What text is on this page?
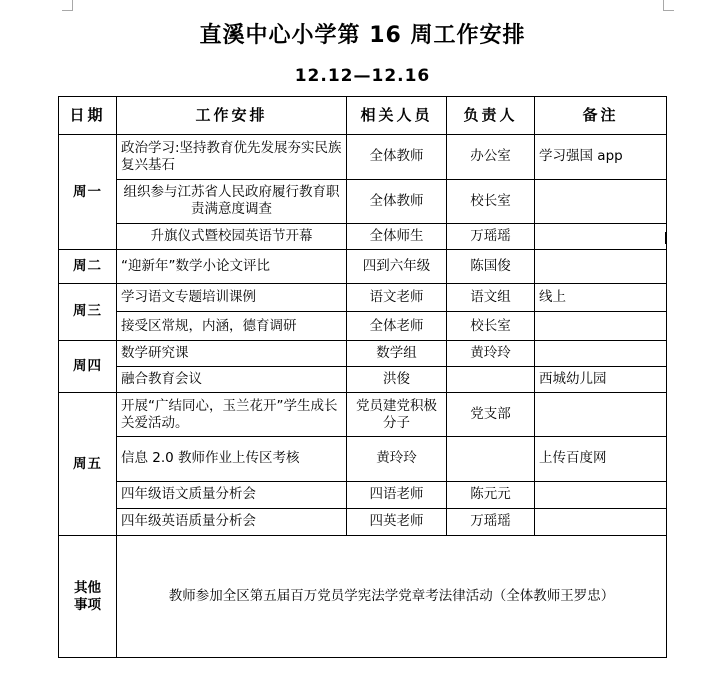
直溪中心小学第 16 周工作安排
12.12—12.16
日期	工作安排	相关人员	负责人	备注
周一	政治学习:坚持教育优先发展夯实民族复兴基石	全体教师	办公室	学习强国 app
	组织参与江苏省人民政府履行教育职责满意度调查	全体教师	校长室	
	升旗仪式暨校园英语节开幕	全体师生	万瑶瑶	
周二	“迎新年”数学小论文评比	四到六年级	陈国俊	
周三	学习语文专题培训课例	语文老师	语文组	线上
	接受区常规，内涵，德育调研	全体老师	校长室	
周四	数学研究课	数学组	黄玲玲	
	融合教育会议	洪俊		西城幼儿园
周五	开展“广结同心，玉兰花开”学生成长关爱活动。	党员建党积极分子	党支部	
	信息 2.0 教师作业上传区考核	黄玲玲		上传百度网
	四年级语文质量分析会	四语老师	陈元元	
	四年级英语质量分析会	四英老师	万瑶瑶	
其他
事项	教师参加全区第五届百万党员学宪法学党章考法律活动（全体教师王罗忠）			
